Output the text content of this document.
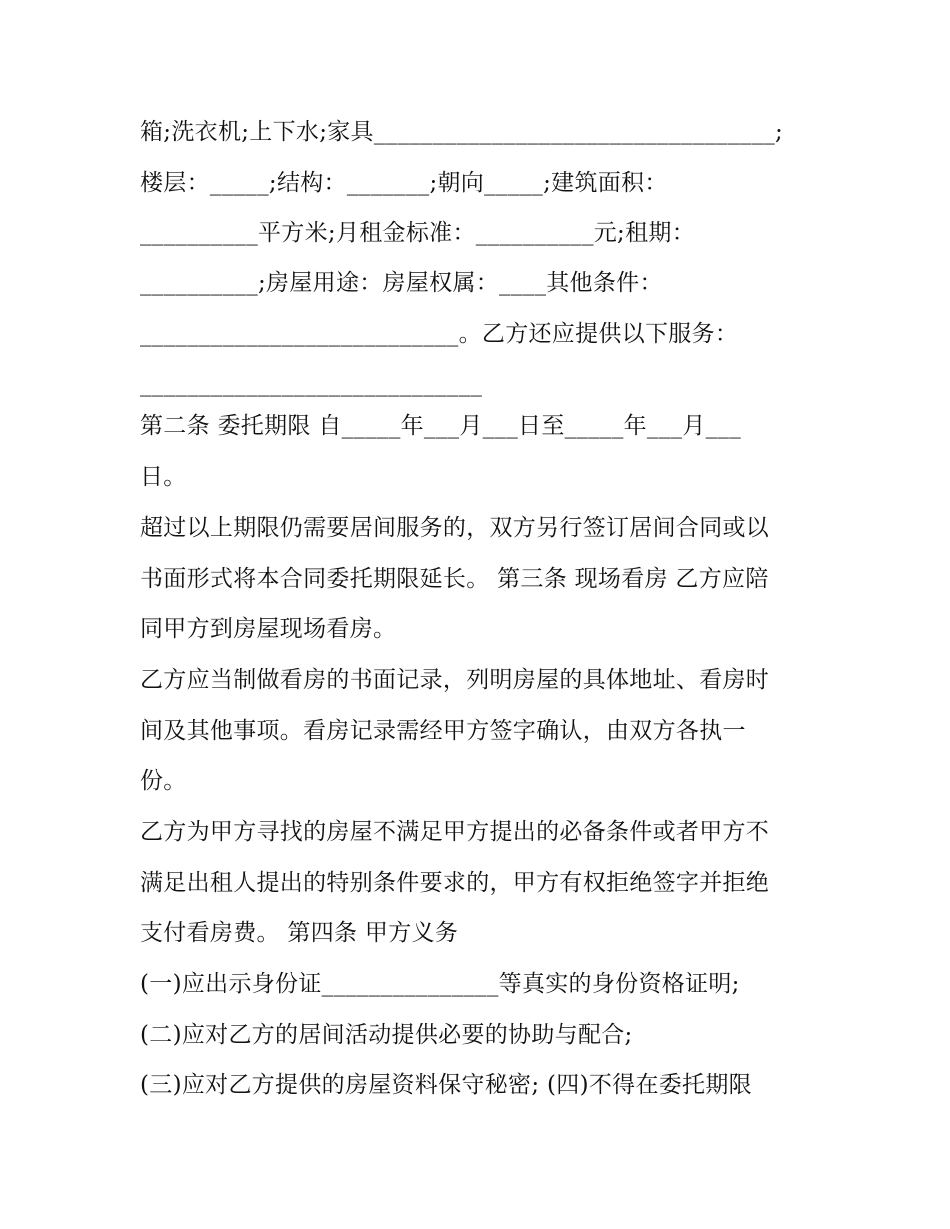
箱;洗衣机;上下水;家具__________________________________;
楼层：_____;结构：_______;朝向_____;建筑面积：
__________平方米;月租金标准：__________元;租期：
__________;房屋用途：房屋权属：____其他条件：
___________________________。乙方还应提供以下服务：
_____________________________
第二条 委托期限 自_____年___月___日至_____年___月___
日。
超过以上期限仍需要居间服务的，双方另行签订居间合同或以
书面形式将本合同委托期限延长。 第三条 现场看房 乙方应陪
同甲方到房屋现场看房。
乙方应当制做看房的书面记录，列明房屋的具体地址、看房时
间及其他事项。看房记录需经甲方签字确认，由双方各执一
份。
乙方为甲方寻找的房屋不满足甲方提出的必备条件或者甲方不
满足出租人提出的特别条件要求的，甲方有权拒绝签字并拒绝
支付看房费。 第四条 甲方义务
(一)应出示身份证_______________等真实的身份资格证明;
(二)应对乙方的居间活动提供必要的协助与配合;
(三)应对乙方提供的房屋资料保守秘密; (四)不得在委托期限
